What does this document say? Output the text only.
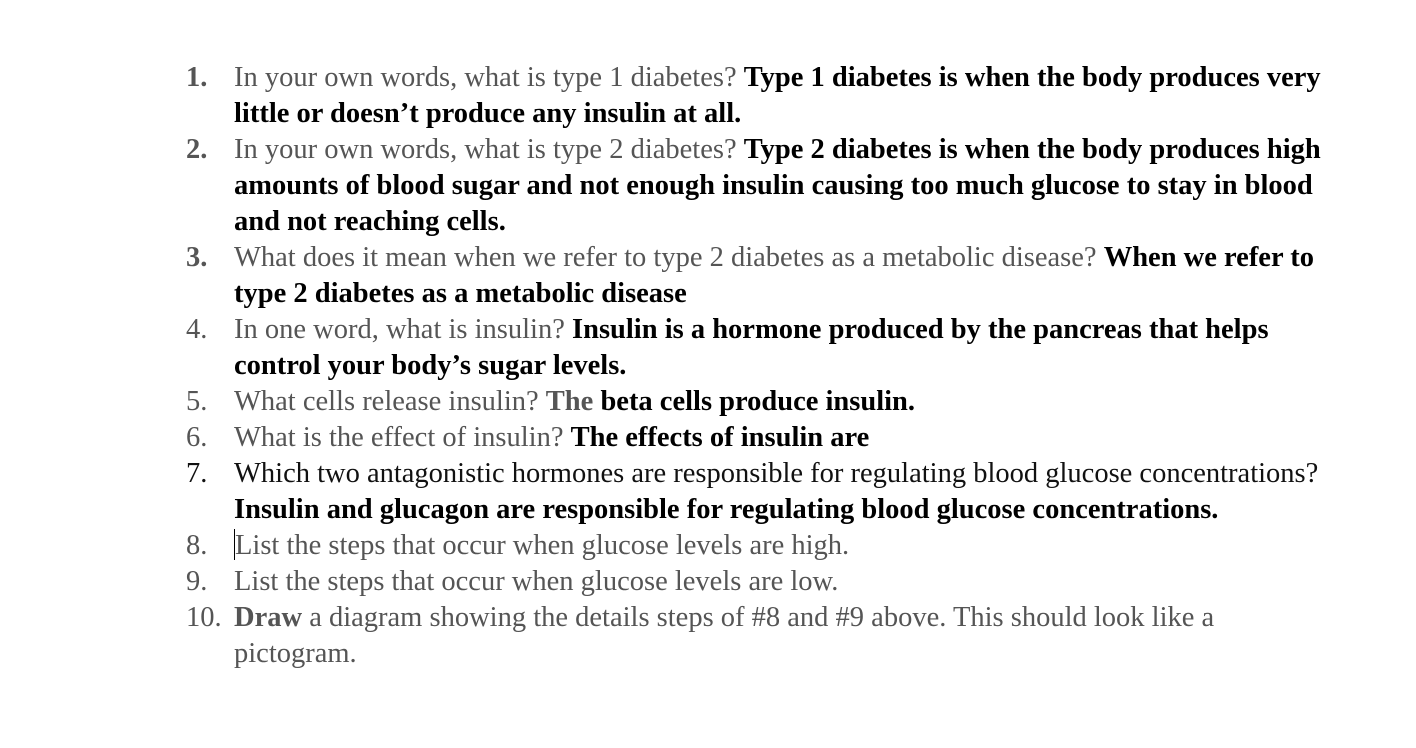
1. In your own words, what is type 1 diabetes? Type 1 diabetes is when the body produces very little or doesn’t produce any insulin at all.
2. In your own words, what is type 2 diabetes? Type 2 diabetes is when the body produces high amounts of blood sugar and not enough insulin causing too much glucose to stay in blood and not reaching cells.
3. What does it mean when we refer to type 2 diabetes as a metabolic disease? When we refer to type 2 diabetes as a metabolic disease
4. In one word, what is insulin? Insulin is a hormone produced by the pancreas that helps control your body’s sugar levels.
5. What cells release insulin? The beta cells produce insulin.
6. What is the effect of insulin? The effects of insulin are
7. Which two antagonistic hormones are responsible for regulating blood glucose concentrations? Insulin and glucagon are responsible for regulating blood glucose concentrations.
8. List the steps that occur when glucose levels are high.
9. List the steps that occur when glucose levels are low.
10. Draw a diagram showing the details steps of #8 and #9 above. This should look like a pictogram.
